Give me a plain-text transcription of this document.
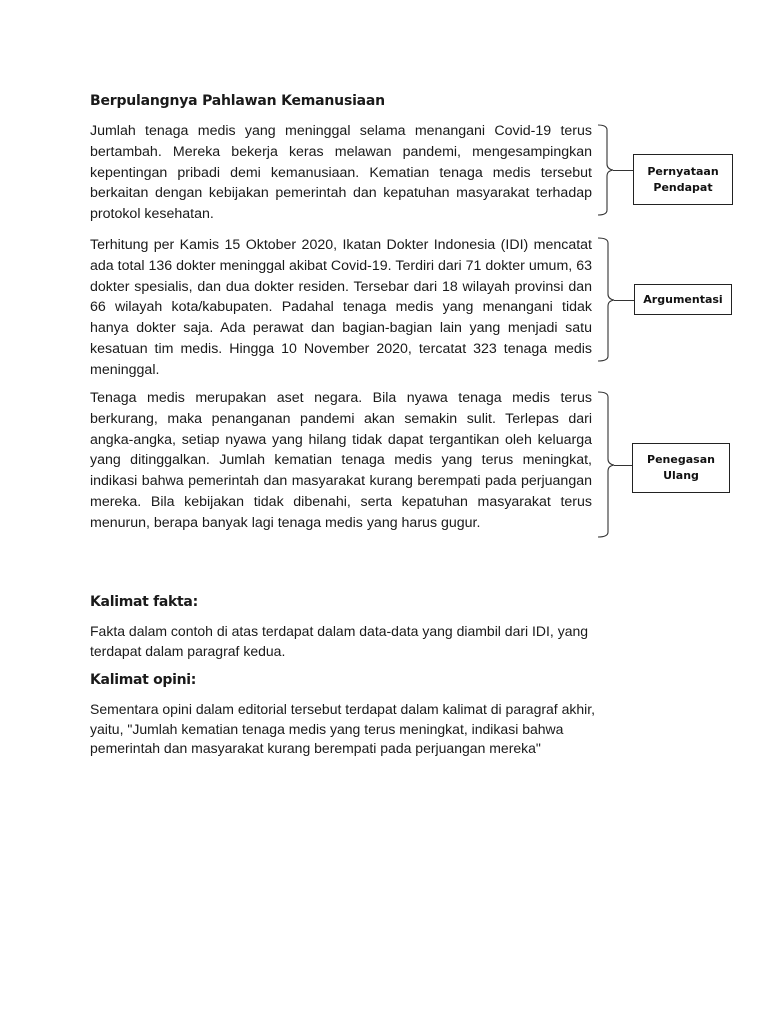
Berpulangnya Pahlawan Kemanusiaan

Jumlah tenaga medis yang meninggal selama menangani Covid-19 terus bertambah. Mereka bekerja keras melawan pandemi, mengesampingkan kepentingan pribadi demi kemanusiaan. Kematian tenaga medis tersebut berkaitan dengan kebijakan pemerintah dan kepatuhan masyarakat terhadap protokol kesehatan.

Terhitung per Kamis 15 Oktober 2020, Ikatan Dokter Indonesia (IDI) mencatat ada total 136 dokter meninggal akibat Covid-19. Terdiri dari 71 dokter umum, 63 dokter spesialis, dan dua dokter residen. Tersebar dari 18 wilayah provinsi dan 66 wilayah kota/kabupaten. Padahal tenaga medis yang menangani tidak hanya dokter saja. Ada perawat dan bagian-bagian lain yang menjadi satu kesatuan tim medis. Hingga 10 November 2020, tercatat 323 tenaga medis meninggal.

Tenaga medis merupakan aset negara. Bila nyawa tenaga medis terus berkurang, maka penanganan pandemi akan semakin sulit. Terlepas dari angka-angka, setiap nyawa yang hilang tidak dapat tergantikan oleh keluarga yang ditinggalkan. Jumlah kematian tenaga medis yang terus meningkat, indikasi bahwa pemerintah dan masyarakat kurang berempati pada perjuangan mereka. Bila kebijakan tidak dibenahi, serta kepatuhan masyarakat terus menurun, berapa banyak lagi tenaga medis yang harus gugur.

Pernyataan Pendapat
Argumentasi
Penegasan Ulang
Kalimat fakta:

Fakta dalam contoh di atas terdapat dalam data-data yang diambil dari IDI, yang terdapat dalam paragraf kedua.

Kalimat opini:

Sementara opini dalam editorial tersebut terdapat dalam kalimat di paragraf akhir, yaitu, "Jumlah kematian tenaga medis yang terus meningkat, indikasi bahwa pemerintah dan masyarakat kurang berempati pada perjuangan mereka"
